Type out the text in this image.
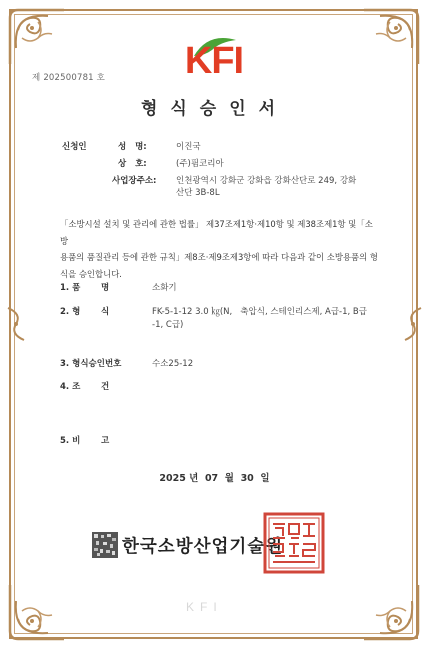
KFI
제 202500781 호
형식승인서
신청인	성   명:	이진국
상   호:	(주)핌코리아
사업장주소: 인천광역시 강화군 강화읍 강화산단로 249, 강화
산단 3B-8L
「소방시설 설치 및 관리에 관한 법률」 제37조제1항·제10항 및 제38조제1항 및「소방
용품의 품질관리 등에 관한 규칙」제8조·제9조제3항에 따라 다음과 같이 소방용품의 형
식을 승인합니다.
1. 품       명	소화기
2. 형       식	FK-5-1-12 3.0 ㎏(N,   축압식, 스테인리스제, A급-1, B급
-1, C급)
3. 형식승인번호	수소25-12
4. 조       건
5. 비       고
2025 년  07  월  30  일
한국소방산업기술원
KFI
